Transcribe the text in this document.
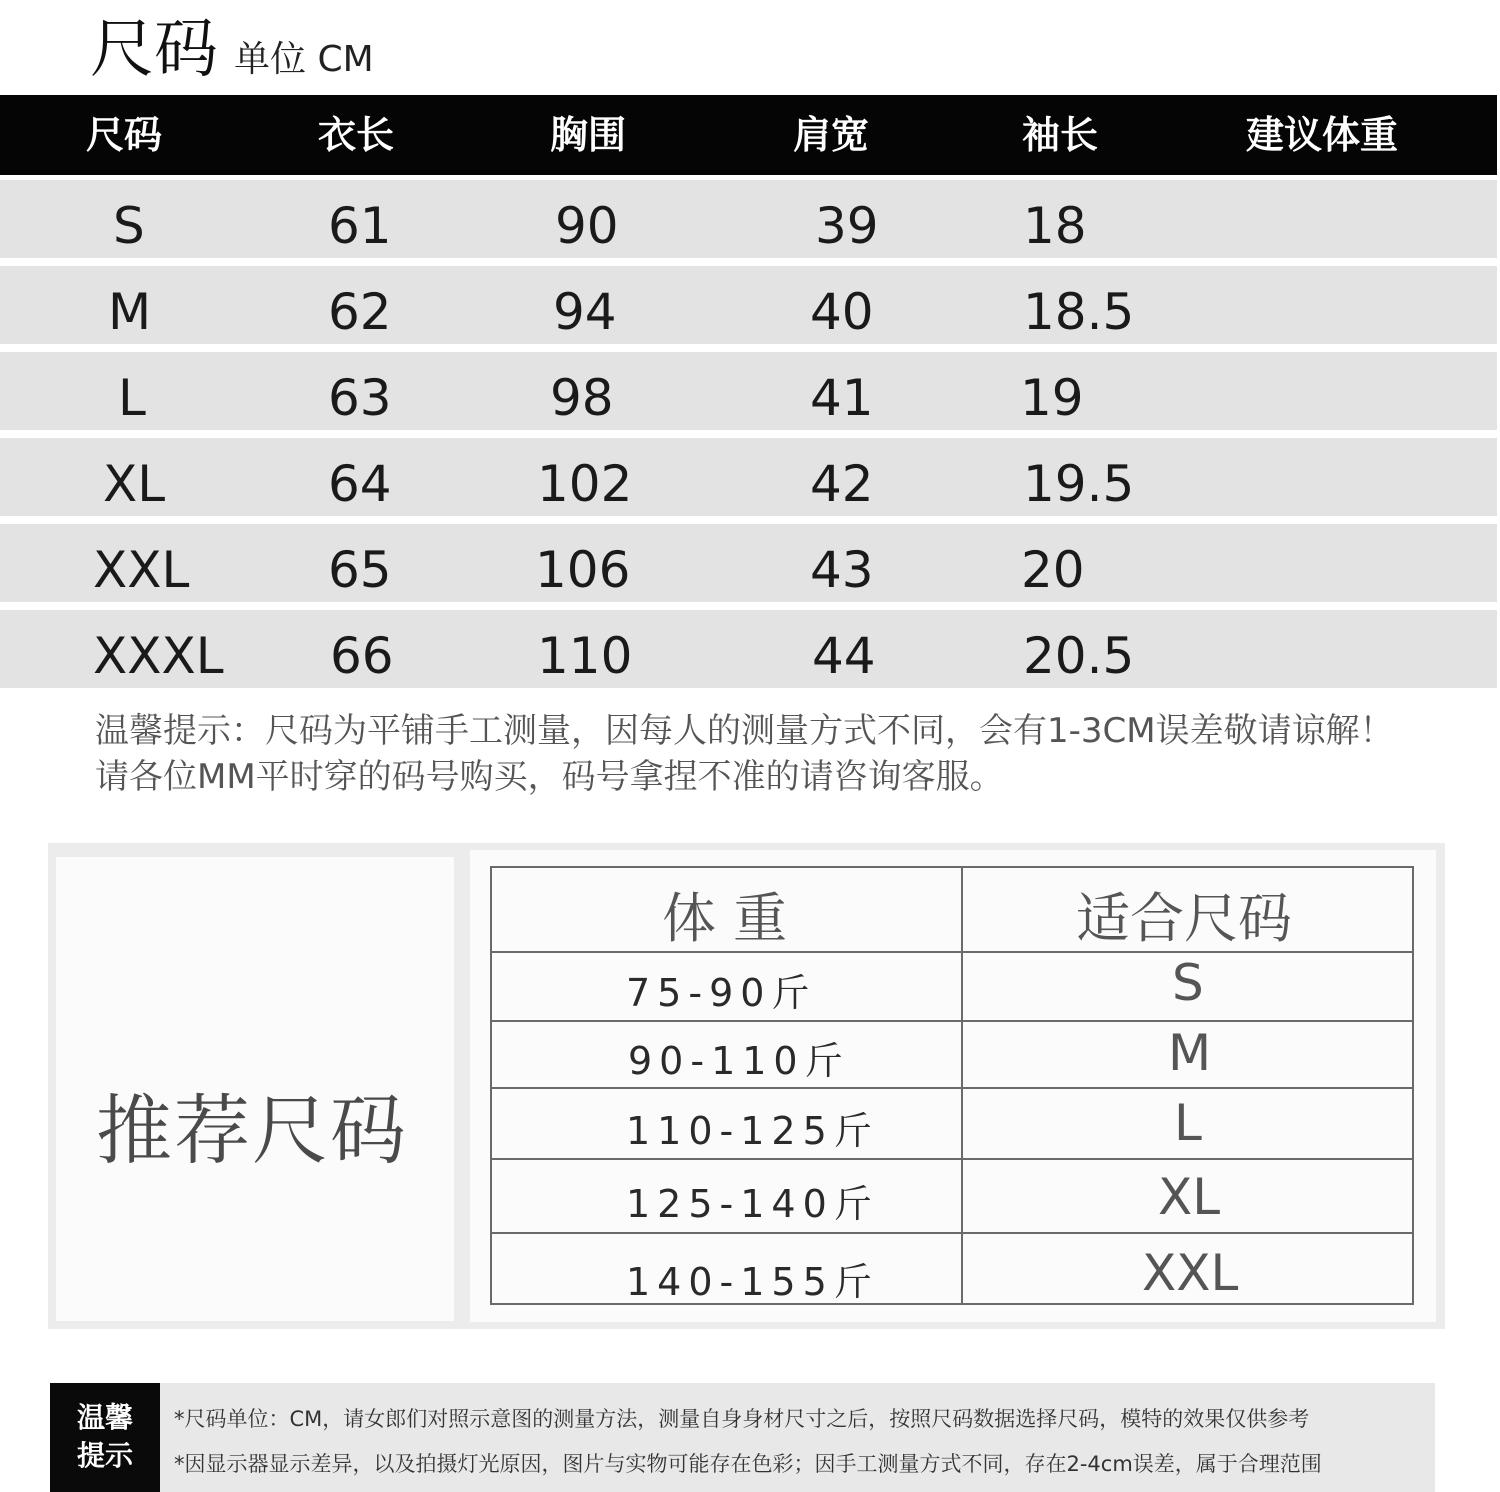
尺码 单位 CM
尺码	衣长	胸围	肩宽	袖长	建议体重
S	61	90	39	18
M	62	94	40	18.5
L	63	98	41	19
XL	64	102	42	19.5
XXL	65	106	43	20
XXXL 66	110	44	20.5
温馨提示：尺码为平铺手工测量，因每人的测量方式不同，会有1-3CM误差敬请谅解！请各位MM平时穿的码号购买，码号拿捏不准的请咨询客服。
推荐尺码
体 重	适合尺码
75-90斤	S
90-110斤	M
110-125斤	L
125-140斤	XL
140-155斤	XXL
温馨
提示
*尺码单位：CM，请女郎们对照示意图的测量方法，测量自身身材尺寸之后，按照尺码数据选择尺码，模特的效果仅供参考
*因显示器显示差异，以及拍摄灯光原因，图片与实物可能存在色彩；因手工测量方式不同，存在2-4cm误差，属于合理范围
